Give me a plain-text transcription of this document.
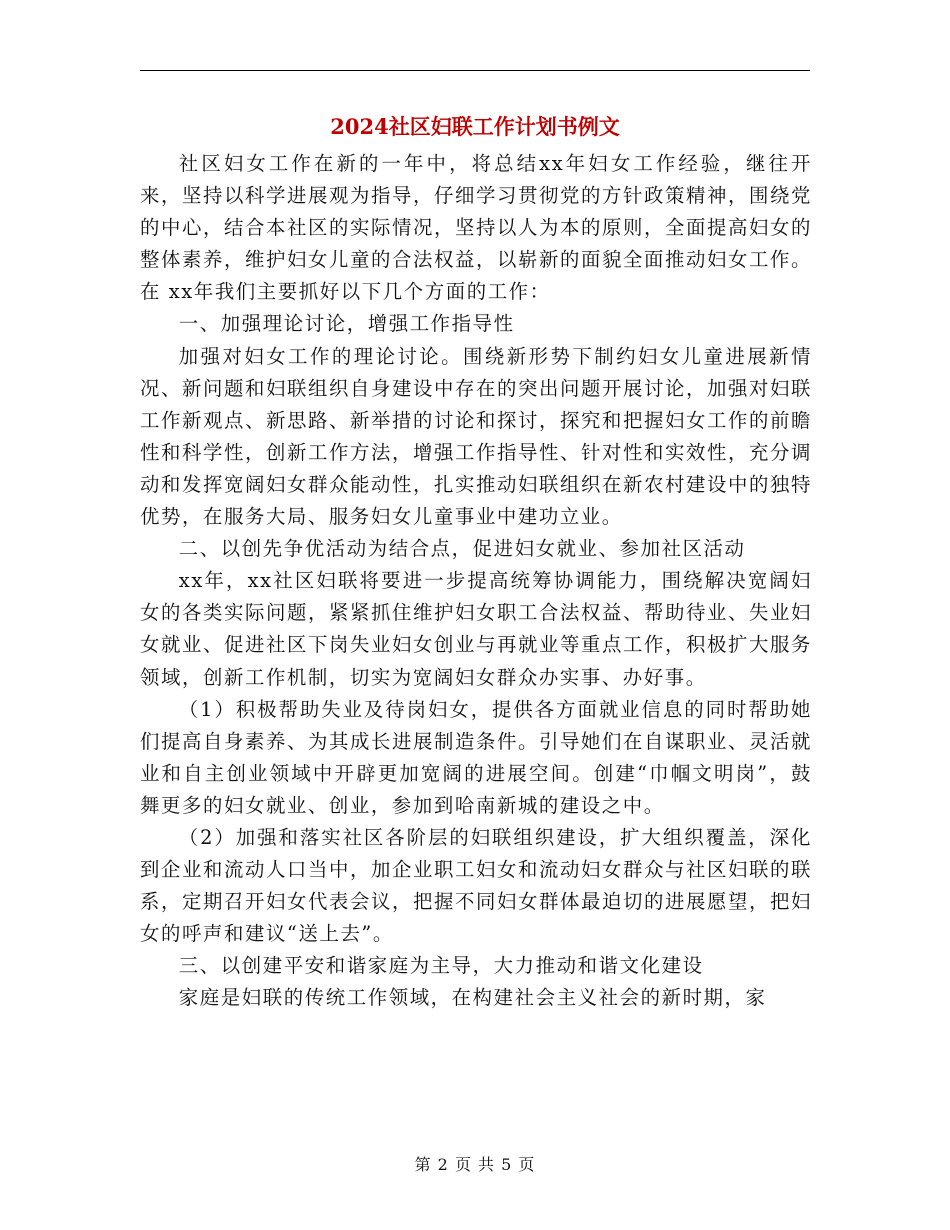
2024社区妇联工作计划书例文

社区妇女工作在新的一年中，将总结xx年妇女工作经验，继往开来，坚持以科学进展观为指导，仔细学习贯彻党的方针政策精神，围绕党的中心，结合本社区的实际情况，坚持以人为本的原则，全面提高妇女的整体素养，维护妇女儿童的合法权益，以崭新的面貌全面推动妇女工作。在 xx年我们主要抓好以下几个方面的工作：

一、加强理论讨论，增强工作指导性

加强对妇女工作的理论讨论。围绕新形势下制约妇女儿童进展新情况、新问题和妇联组织自身建设中存在的突出问题开展讨论，加强对妇联工作新观点、新思路、新举措的讨论和探讨，探究和把握妇女工作的前瞻性和科学性，创新工作方法，增强工作指导性、针对性和实效性，充分调动和发挥宽阔妇女群众能动性，扎实推动妇联组织在新农村建设中的独特优势，在服务大局、服务妇女儿童事业中建功立业。

二、以创先争优活动为结合点，促进妇女就业、参加社区活动

xx年，xx社区妇联将要进一步提高统筹协调能力，围绕解决宽阔妇女的各类实际问题，紧紧抓住维护妇女职工合法权益、帮助待业、失业妇女就业、促进社区下岗失业妇女创业与再就业等重点工作，积极扩大服务领域，创新工作机制，切实为宽阔妇女群众办实事、办好事。

（1）积极帮助失业及待岗妇女，提供各方面就业信息的同时帮助她们提高自身素养、为其成长进展制造条件。引导她们在自谋职业、灵活就业和自主创业领域中开辟更加宽阔的进展空间。创建“巾帼文明岗”，鼓舞更多的妇女就业、创业，参加到哈南新城的建设之中。

（2）加强和落实社区各阶层的妇联组织建设，扩大组织覆盖，深化到企业和流动人口当中，加企业职工妇女和流动妇女群众与社区妇联的联系，定期召开妇女代表会议，把握不同妇女群体最迫切的进展愿望，把妇女的呼声和建议“送上去”。

三、以创建平安和谐家庭为主导，大力推动和谐文化建设

家庭是妇联的传统工作领域，在构建社会主义社会的新时期，家

第 2 页 共 5 页
